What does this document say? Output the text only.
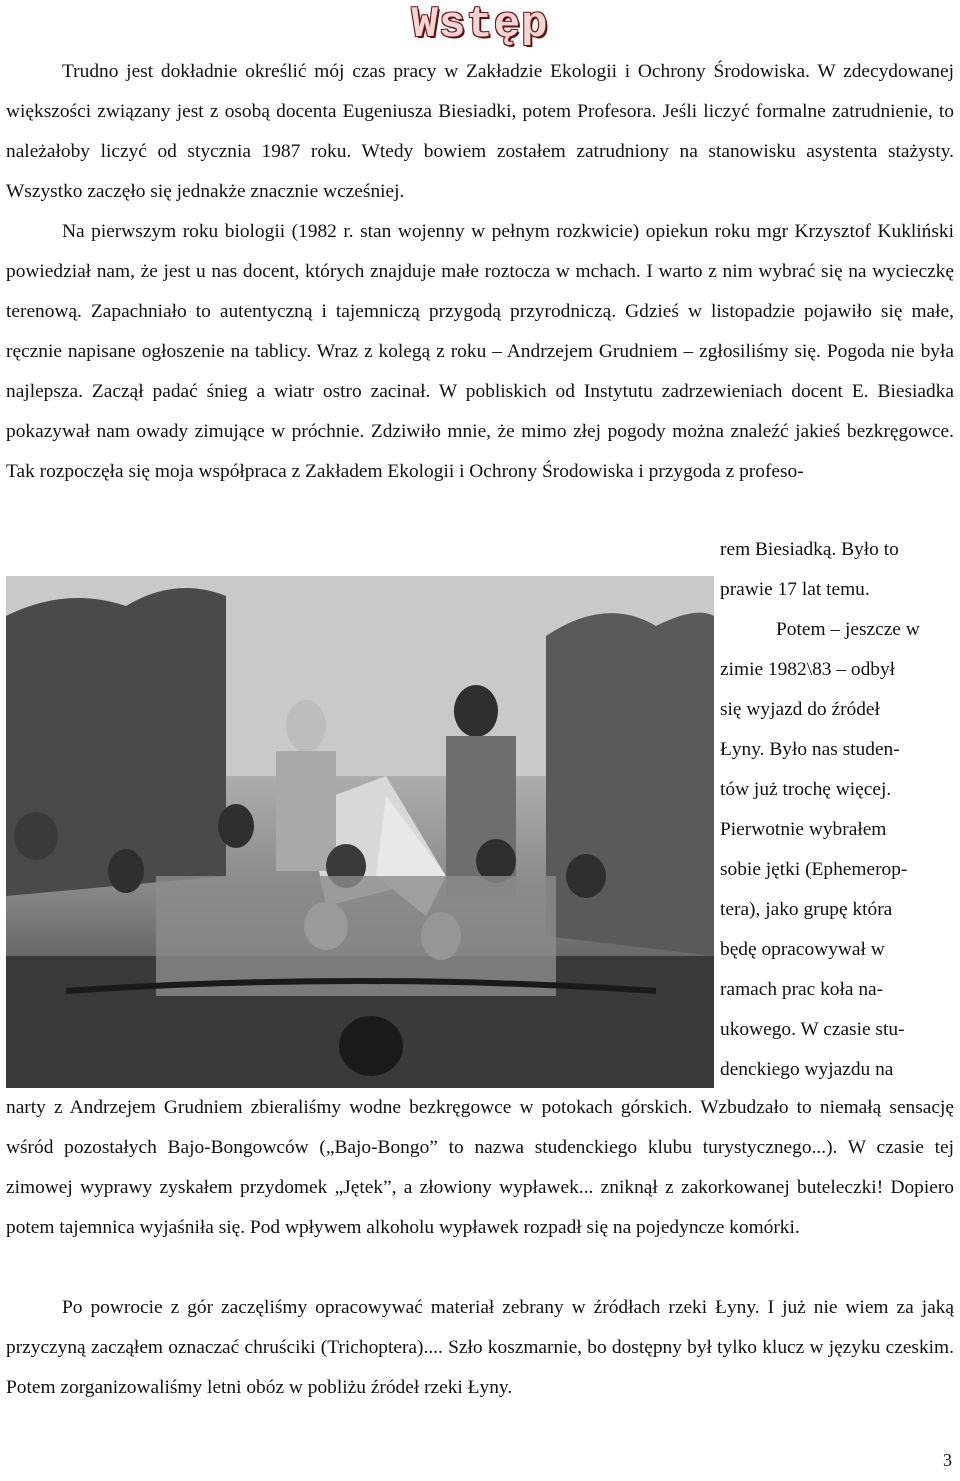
Wstęp

Trudno jest dokładnie określić mój czas pracy w Zakładzie Ekologii i Ochrony Środowiska. W zdecydowanej większości związany jest z osobą docenta Eugeniusza Biesiadki, potem Profesora. Jeśli liczyć formalne zatrudnienie, to należałoby liczyć od stycznia 1987 roku. Wtedy bowiem zostałem zatrudniony na stanowisku asystenta stażysty. Wszystko zaczęło się jednakże znacznie wcześniej.

Na pierwszym roku biologii (1982 r. stan wojenny w pełnym rozkwicie) opiekun roku mgr Krzysztof Kukliński powiedział nam, że jest u nas docent, których znajduje małe roztocza w mchach. I warto z nim wybrać się na wycieczkę terenową. Zapachniało to autentyczną i tajemniczą przygodą przyrodniczą. Gdzieś w listopadzie pojawiło się małe, ręcznie napisane ogłoszenie na tablicy. Wraz z kolegą z roku – Andrzejem Grudniem – zgłosiliśmy się. Pogoda nie była najlepsza. Zaczął padać śnieg a wiatr ostro zacinał. W pobliskich od Instytutu zadrzewieniach docent E. Biesiadka pokazywał nam owady zimujące w próchnie. Zdziwiło mnie, że mimo złej pogody można znaleźć jakieś bezkręgowce. Tak rozpoczęła się moja współpraca z Zakładem Ekologii i Ochrony Środowiska i przygoda z profeso-

rem Biesiadką. Było to
prawie 17 lat temu.
Potem – jeszcze w
zimie 1982\83 – odbył
się wyjazd do źródeł
Łyny. Było nas studen-
tów już trochę więcej.
Pierwotnie wybrałem
sobie jętki (Ephemerop-
tera), jako grupę która
będę opracowywał w
ramach prac koła na-
ukowego. W czasie stu-
denckiego wyjazdu na

narty z Andrzejem Grudniem zbieraliśmy wodne bezkręgowce w potokach górskich. Wzbudzało to niemałą sensację wśród pozostałych Bajo-Bongowców („Bajo-Bongo” to nazwa studenckiego klubu turystycznego...). W czasie tej zimowej wyprawy zyskałem przydomek „Jętek”, a złowiony wypławek... zniknął z zakorkowanej buteleczki! Dopiero potem tajemnica wyjaśniła się. Pod wpływem alkoholu wypławek rozpadł się na pojedyncze komórki.

Po powrocie z gór zaczęliśmy opracowywać materiał zebrany w źródłach rzeki Łyny. I już nie wiem za jaką przyczyną zacząłem oznaczać chruściki (Trichoptera).... Szło koszmarnie, bo dostępny był tylko klucz w języku czeskim. Potem zorganizowaliśmy letni obóz w pobliżu źródeł rzeki Łyny.

3
